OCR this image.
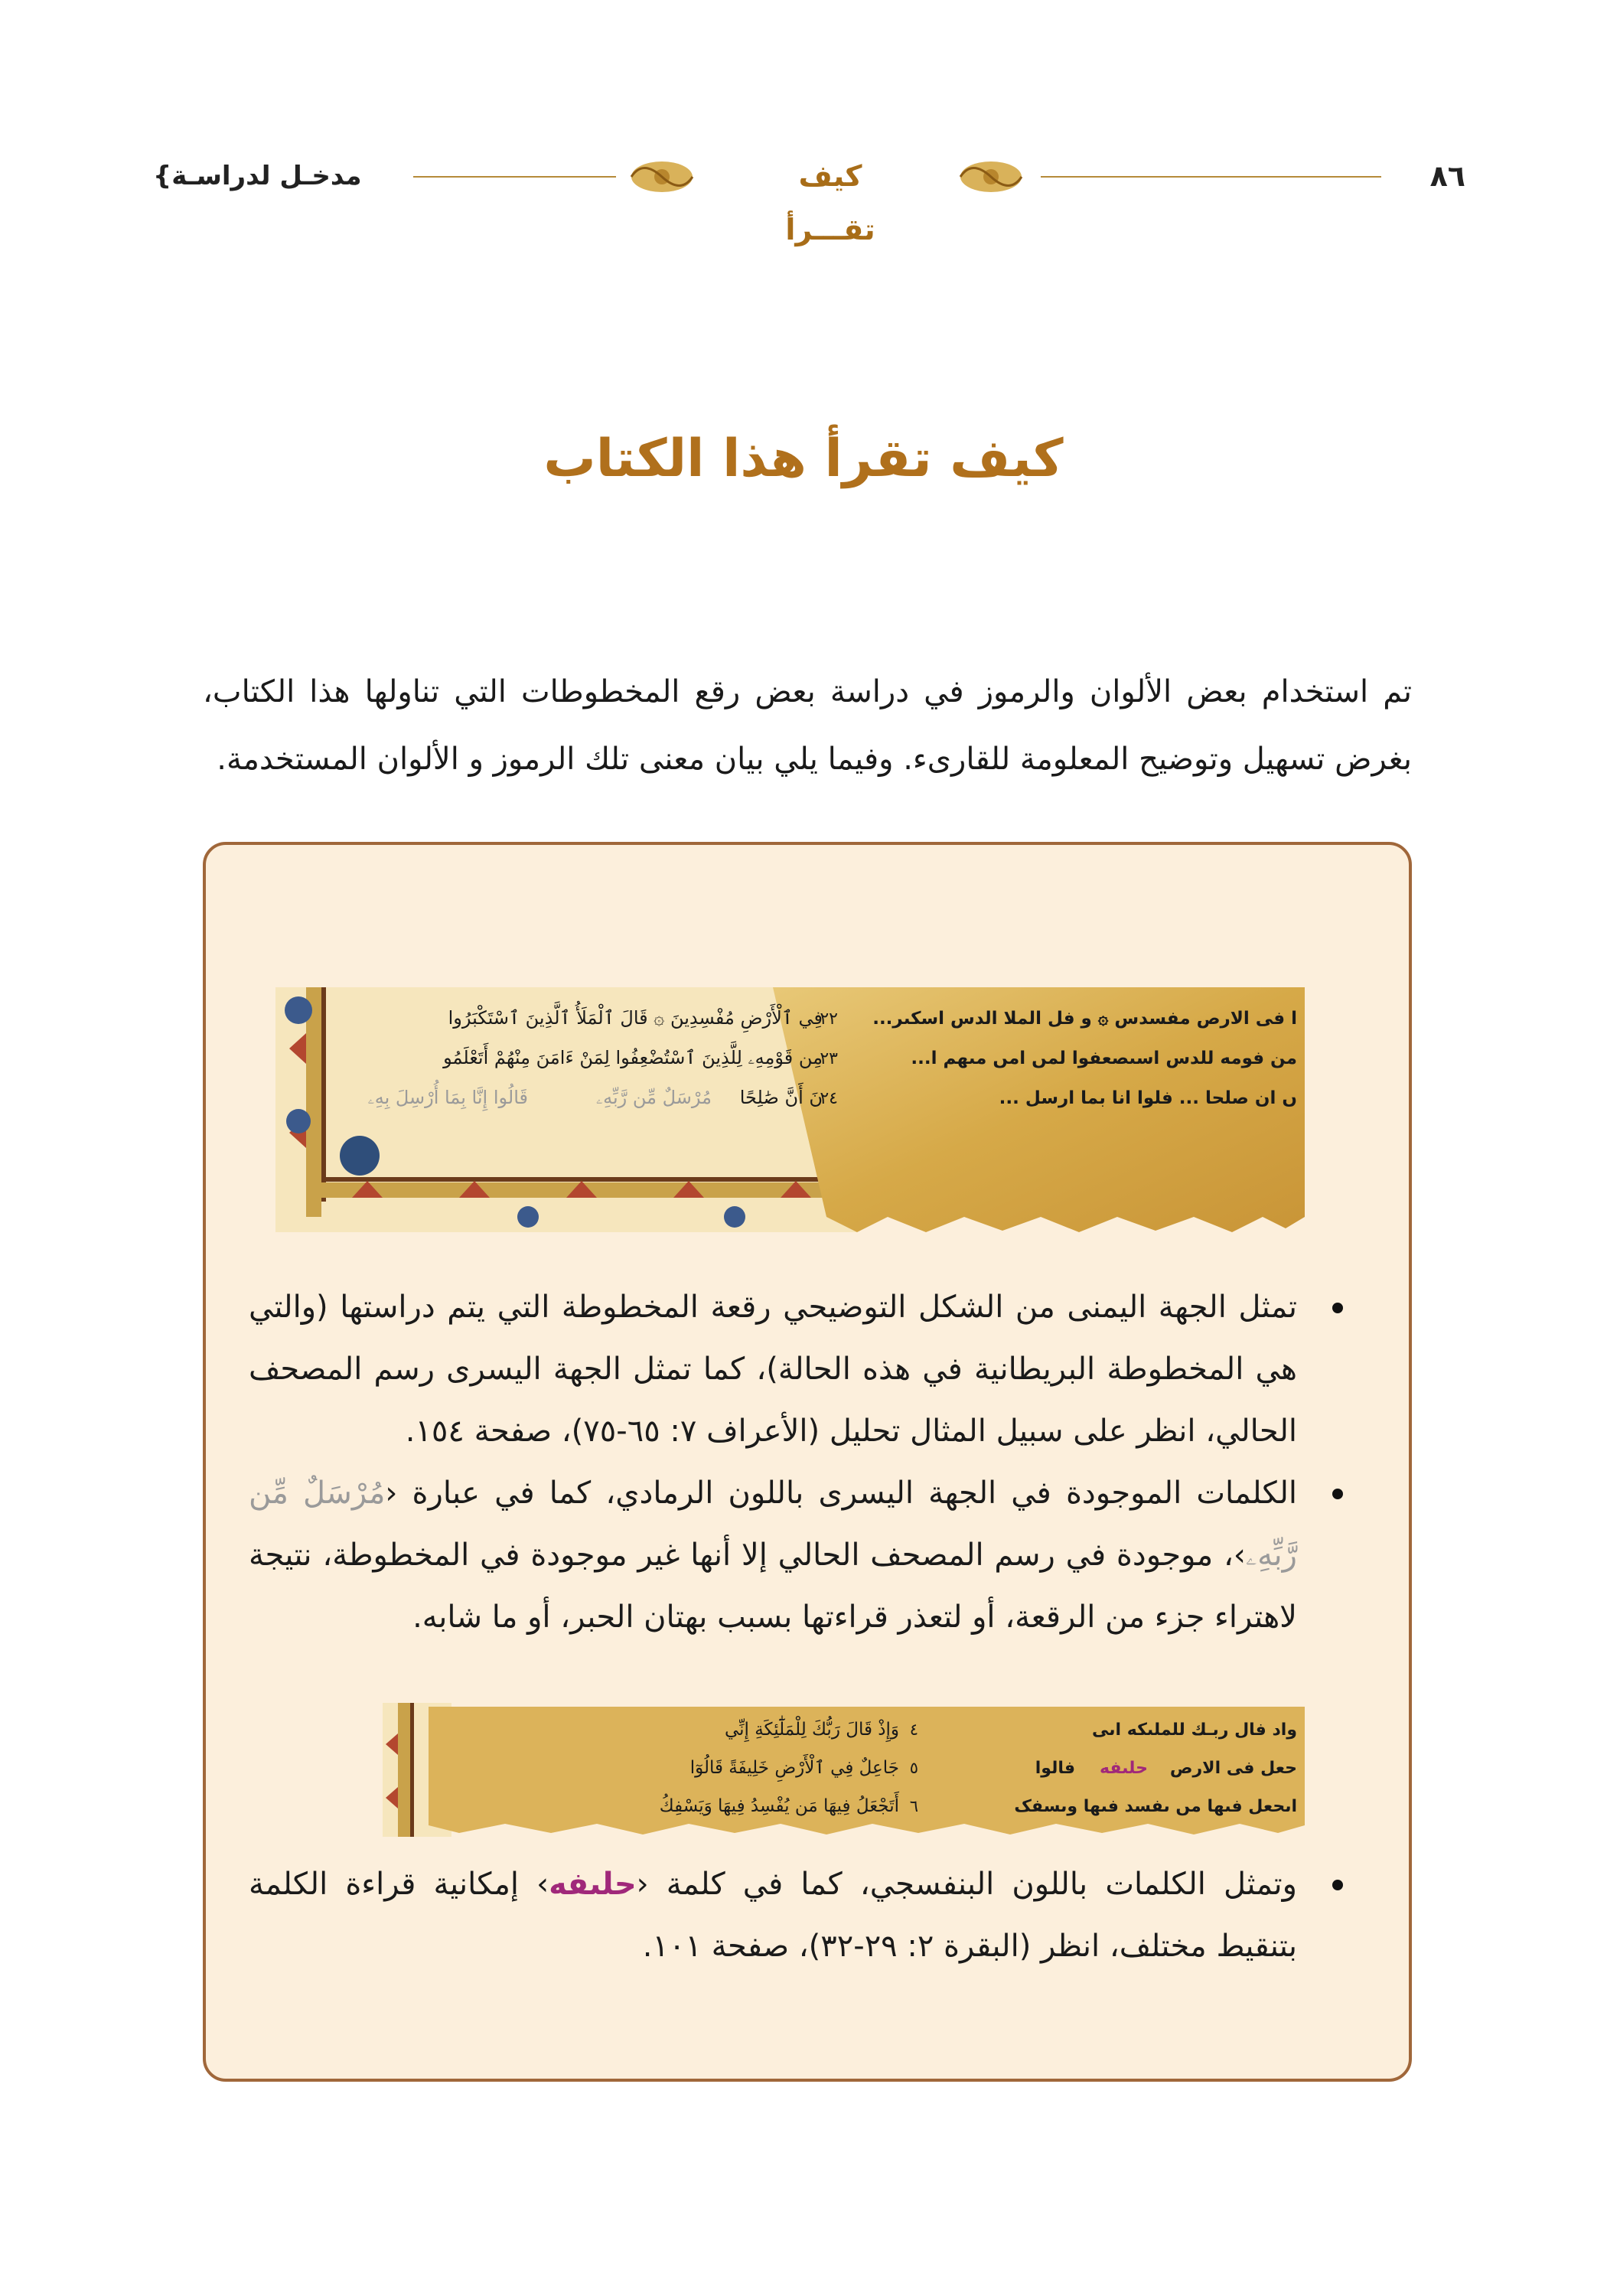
كيف تقـــرأ
٨٦
{مدخـل لدراسـة
كيف تقرأ هذا الكتاب
تم استخدام بعض الألوان والرموز في دراسة بعض رقع المخطوطات التي تناولها هذا الكتاب، بغرض تسهيل وتوضيح المعلومة للقارىء. وفيما يلي بيان معنى تلك الرموز و الألوان المستخدمة.
ا فى الارص مفسدس ۞ و فل الملا الدس اسكىر...
من فومه للدس اسىصعفوا لمں امں مىهم ا...
ں ان صلحا ... فلوا انا بما ارسل ...
٢٢
٢٣
٢٤
فِي ٱلْأَرْضِ مُفْسِدِينَ ۞ قَالَ ٱلْمَلَأُ ٱلَّذِينَ ٱسْتَكْبَرُوا
مِن قَوْمِهِۦ لِلَّذِينَ ٱسْتُضْعِفُوا لِمَنْ ءَامَنَ مِنْهُمْ أَتَعْلَمُو
نَ أَنَّ صَٰلِحًا
مُرْسَلٌ مِّن رَّبِّهِۦ
قَالُوا إِنَّا بِمَا أُرْسِلَ بِهِۦ
تمثل الجهة اليمنى من الشكل التوضيحي رقعة المخطوطة التي يتم دراستها (والتي هي المخطوطة البريطانية في هذه الحالة)، كما تمثل الجهة اليسرى رسم المصحف الحالي، انظر على سبيل المثال تحليل (الأعراف ٧: ٦٥-٧٥)، صفحة ١٥٤.
الكلمات الموجودة في الجهة اليسرى باللون الرمادي، كما في عبارة ‹مُرْسَلٌ مِّن رَّبِّهِۦ›، موجودة في رسم المصحف الحالي إلا أنها غير موجودة في المخطوطة، نتيجة لاهتراء جزء من الرقعة، أو لتعذر قراءتها بسبب بهتان الحبر، أو ما شابه.
واد فال ربـك للملىكه اىى
حعل فى الارص
حلىفه
فالوا
اىحعل فىها مں ىفسد فىها وىسفک
٤
٥
٦
وَإِذْ قَالَ رَبُّكَ لِلْمَلَٰٓئِكَةِ إِنِّي
جَاعِلٌ فِي ٱلْأَرْضِ خَلِيفَةً قَالُوٓا
أَتَجْعَلُ فِيهَا مَن يُفْسِدُ فِيهَا وَيَسْفِكُ
وتمثل الكلمات باللون البنفسجي، كما في كلمة ‹حلىفه› إمكانية قراءة الكلمة بتنقيط مختلف، انظر (البقرة ٢: ٢٩-٣٢)، صفحة ١٠١.
